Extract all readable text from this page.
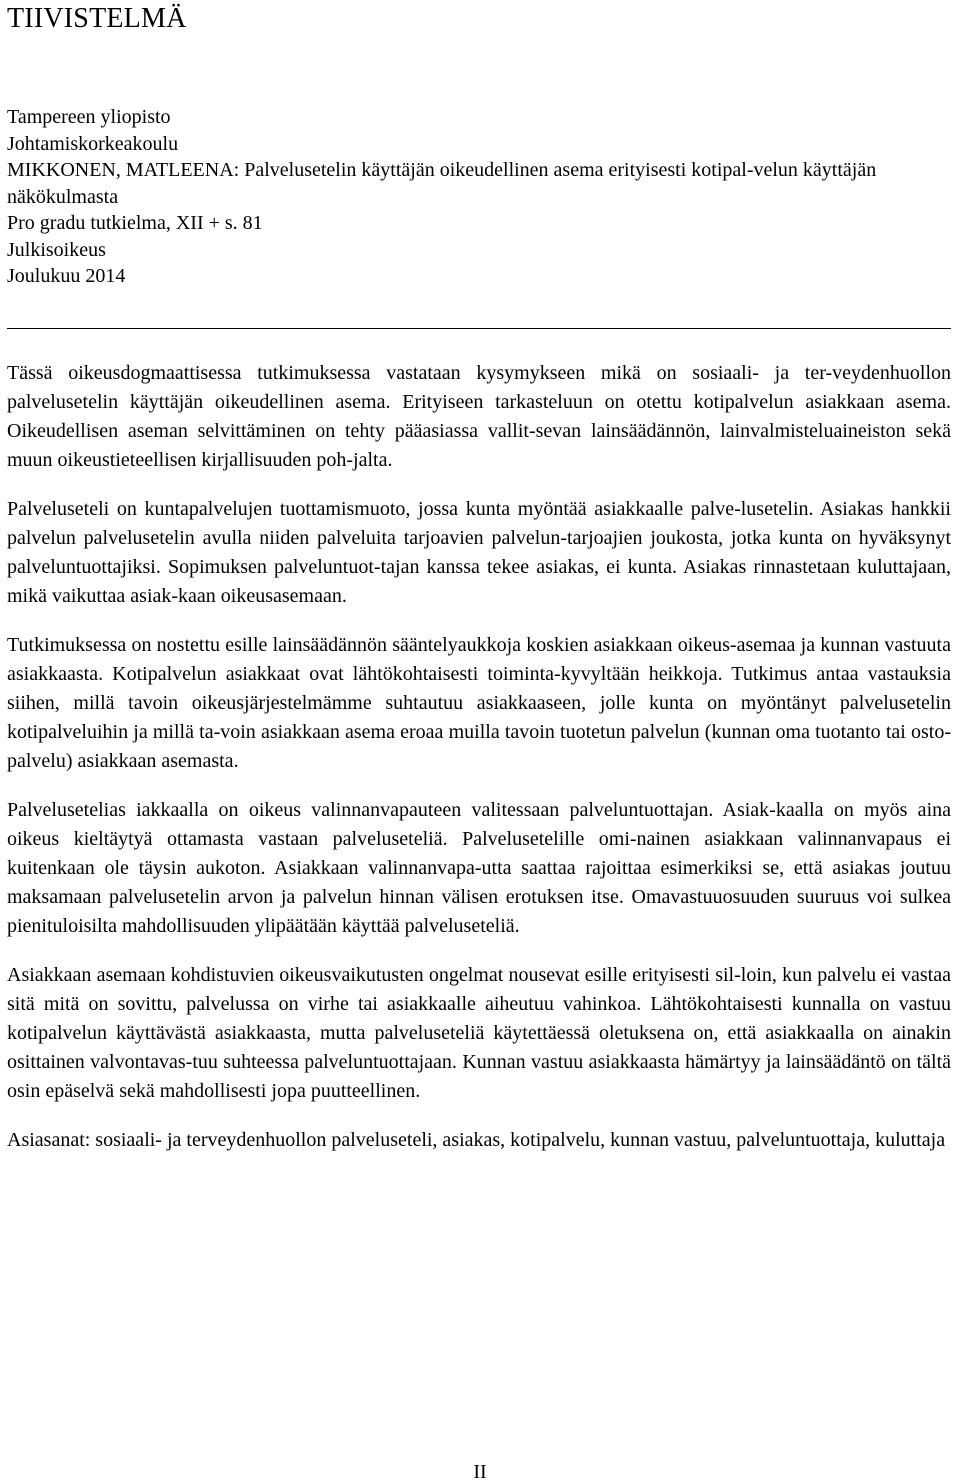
TIIVISTELMÄ
Tampereen yliopisto
Johtamiskorkeakoulu
MIKKONEN, MATLEENA: Palvelusetelin käyttäjän oikeudellinen asema erityisesti kotipal-velun käyttäjän näkökulmasta
Pro gradu tutkielma, XII + s. 81
Julkisoikeus
Joulukuu 2014

Tässä oikeusdogmaattisessa tutkimuksessa vastataan kysymykseen mikä on sosiaali- ja ter-veydenhuollon palvelusetelin käyttäjän oikeudellinen asema. Erityiseen tarkasteluun on otettu kotipalvelun asiakkaan asema. Oikeudellisen aseman selvittäminen on tehty pääasiassa vallit-sevan lainsäädännön, lainvalmisteluaineiston sekä muun oikeustieteellisen kirjallisuuden poh-jalta.

Palveluseteli on kuntapalvelujen tuottamismuoto, jossa kunta myöntää asiakkaalle palve-lusetelin. Asiakas hankkii palvelun palvelusetelin avulla niiden palveluita tarjoavien palvelun-tarjoajien joukosta, jotka kunta on hyväksynyt palveluntuottajiksi. Sopimuksen palveluntuot-tajan kanssa tekee asiakas, ei kunta. Asiakas rinnastetaan kuluttajaan, mikä vaikuttaa asiak-kaan oikeusasemaan.

Tutkimuksessa on nostettu esille lainsäädännön sääntelyaukkoja koskien asiakkaan oikeus-asemaa ja kunnan vastuuta asiakkaasta. Kotipalvelun asiakkaat ovat lähtökohtaisesti toiminta-kyvyltään heikkoja. Tutkimus antaa vastauksia siihen, millä tavoin oikeusjärjestelmämme suhtautuu asiakkaaseen, jolle kunta on myöntänyt palvelusetelin kotipalveluihin ja millä ta-voin asiakkaan asema eroaa muilla tavoin tuotetun palvelun (kunnan oma tuotanto tai osto-palvelu) asiakkaan asemasta.

Palvelusetelias iakkaalla on oikeus valinnanvapauteen valitessaan palveluntuottajan. Asiak-kaalla on myös aina oikeus kieltäytyä ottamasta vastaan palveluseteliä. Palvelusetelille omi-nainen asiakkaan valinnanvapaus ei kuitenkaan ole täysin aukoton. Asiakkaan valinnanvapa-utta saattaa rajoittaa esimerkiksi se, että asiakas joutuu maksamaan palvelusetelin arvon ja palvelun hinnan välisen erotuksen itse. Omavastuuosuuden suuruus voi sulkea pienituloisilta mahdollisuuden ylipäätään käyttää palveluseteliä.

Asiakkaan asemaan kohdistuvien oikeusvaikutusten ongelmat nousevat esille erityisesti sil-loin, kun palvelu ei vastaa sitä mitä on sovittu, palvelussa on virhe tai asiakkaalle aiheutuu vahinkoa. Lähtökohtaisesti kunnalla on vastuu kotipalvelun käyttävästä asiakkaasta, mutta palveluseteliä käytettäessä oletuksena on, että asiakkaalla on ainakin osittainen valvontavas-tuu suhteessa palveluntuottajaan. Kunnan vastuu asiakkaasta hämärtyy ja lainsäädäntö on tältä osin epäselvä sekä mahdollisesti jopa puutteellinen.

Asiasanat: sosiaali- ja terveydenhuollon palveluseteli, asiakas, kotipalvelu, kunnan vastuu, palveluntuottaja, kuluttaja

II
